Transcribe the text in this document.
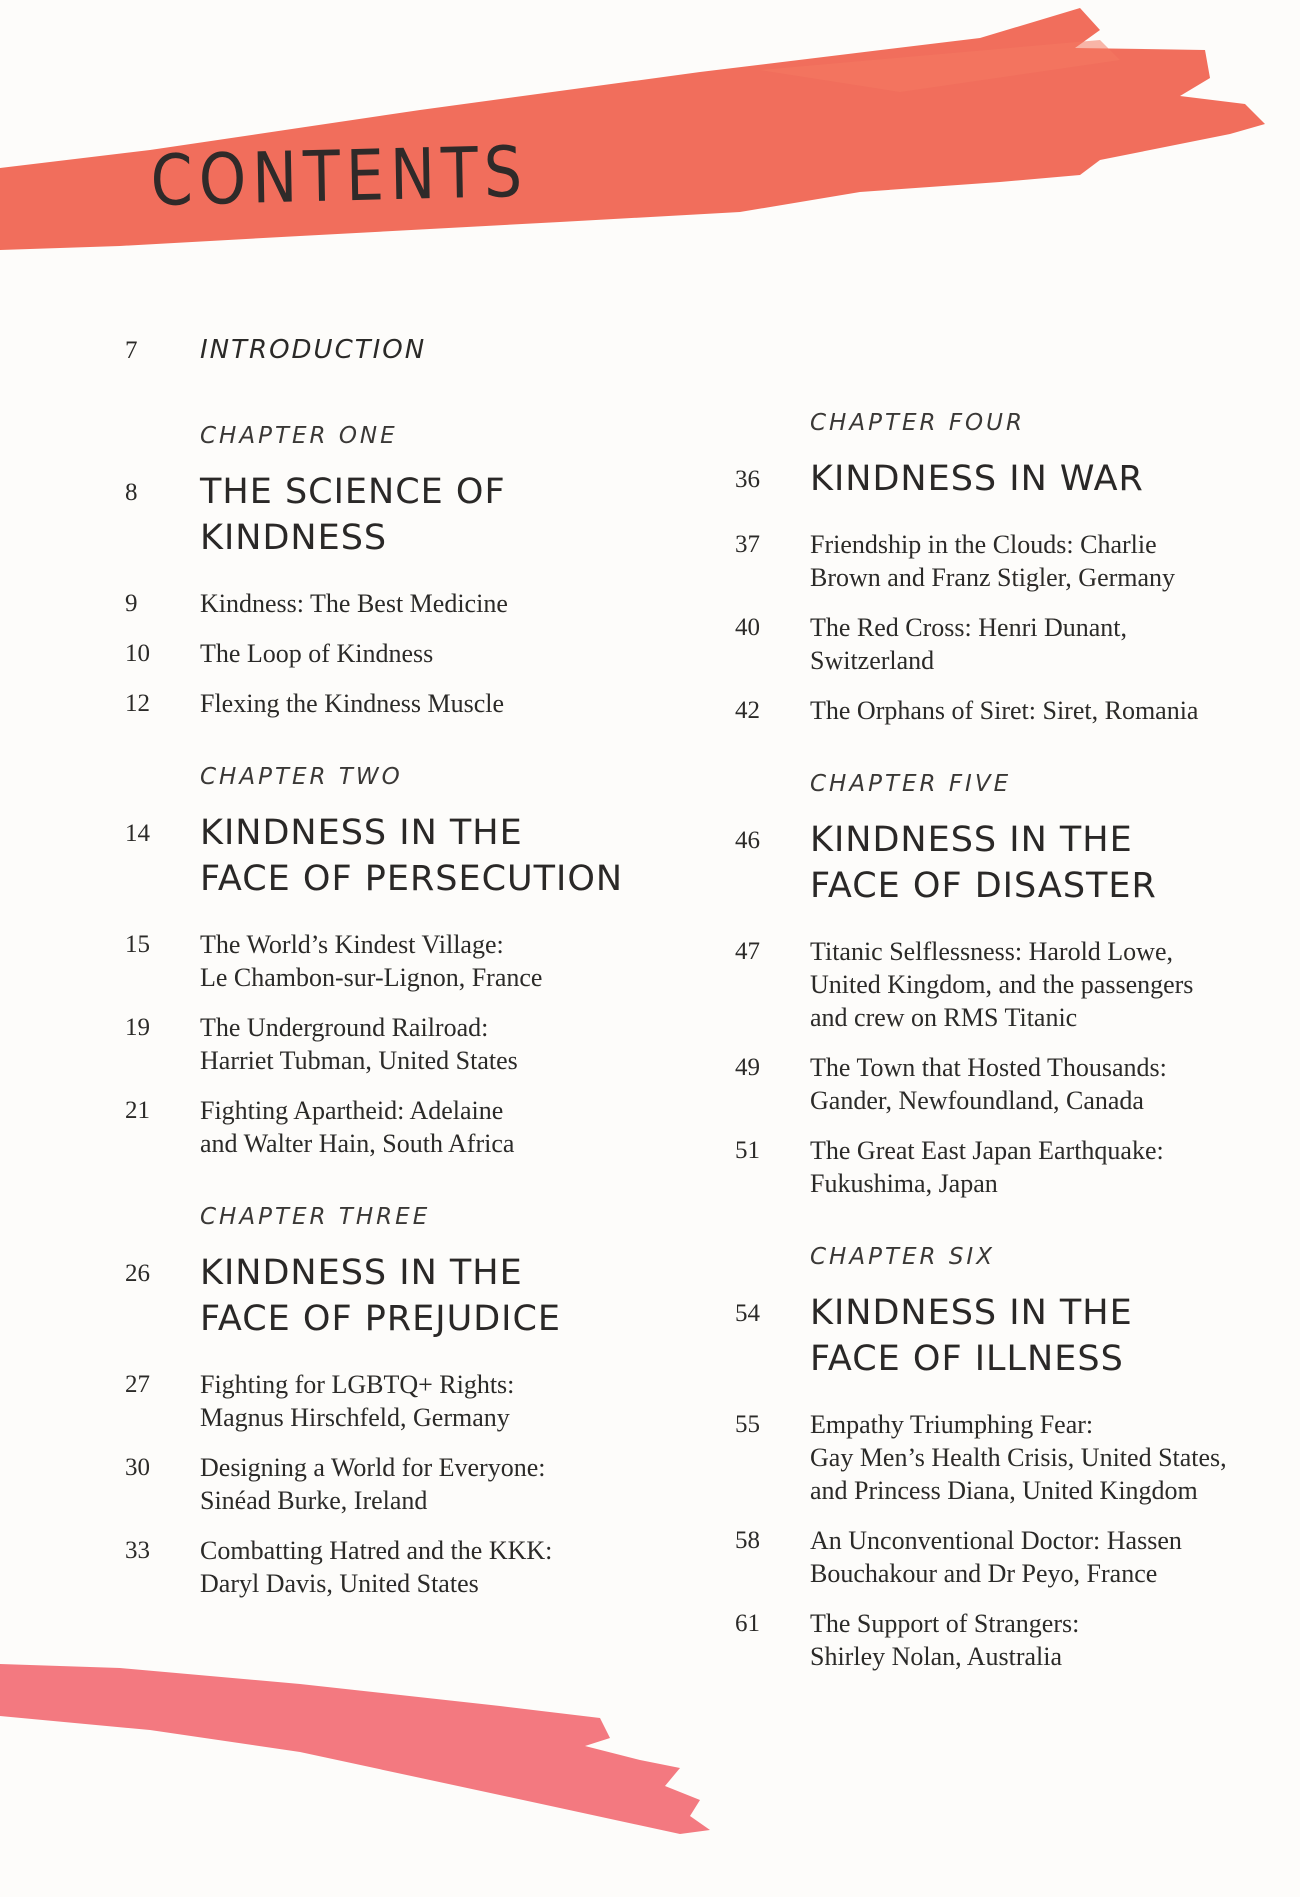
CONTENTS
7	INTRODUCTION
CHAPTER ONE
8	THE SCIENCE OF KINDNESS
9	Kindness: The Best Medicine
10	The Loop of Kindness
12	Flexing the Kindness Muscle
CHAPTER TWO
14	KINDNESS IN THE
FACE OF PERSECUTION
15	The World’s Kindest Village:
Le Chambon-sur-Lignon, France
19	The Underground Railroad:
Harriet Tubman, United States
21	Fighting Apartheid: Adelaine
and Walter Hain, South Africa
CHAPTER THREE
26	KINDNESS IN THE
FACE OF PREJUDICE
27	Fighting for LGBTQ+ Rights:
Magnus Hirschfeld, Germany
30	Designing a World for Everyone:
Sinéad Burke, Ireland
33	Combatting Hatred and the KKK:
Daryl Davis, United States
CHAPTER FOUR
36	KINDNESS IN WAR
37	Friendship in the Clouds: Charlie
Brown and Franz Stigler, Germany
40	The Red Cross: Henri Dunant,
Switzerland
42	The Orphans of Siret: Siret, Romania
CHAPTER FIVE
46	KINDNESS IN THE
FACE OF DISASTER
47	Titanic Selflessness: Harold Lowe,
United Kingdom, and the passengers
and crew on RMS Titanic
49	The Town that Hosted Thousands:
Gander, Newfoundland, Canada
51	The Great East Japan Earthquake:
Fukushima, Japan
CHAPTER SIX
54	KINDNESS IN THE
FACE OF ILLNESS
55	Empathy Triumphing Fear:
Gay Men’s Health Crisis, United States,
and Princess Diana, United Kingdom
58	An Unconventional Doctor: Hassen
Bouchakour and Dr Peyo, France
61	The Support of Strangers:
Shirley Nolan, Australia
